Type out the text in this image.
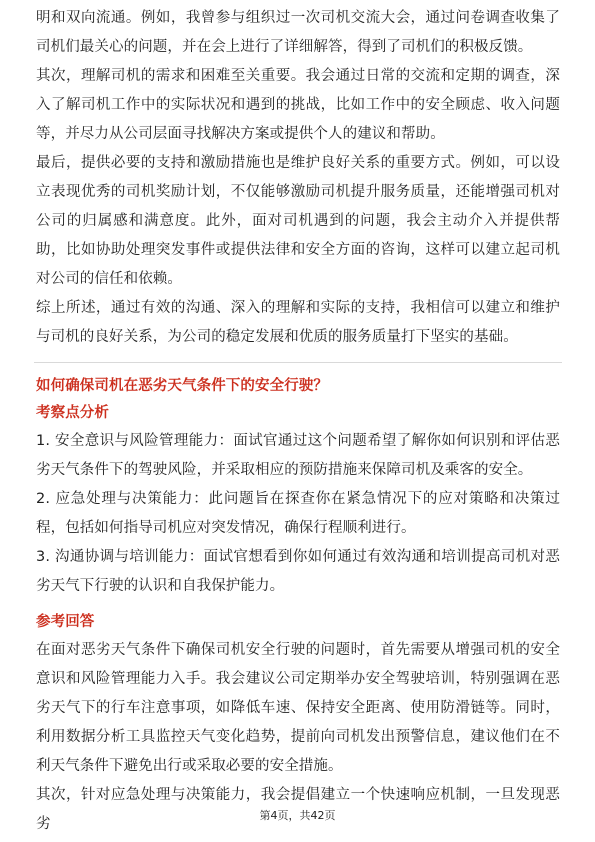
明和双向流通。例如，我曾参与组织过一次司机交流大会，通过问卷调查收集了司机们最关心的问题，并在会上进行了详细解答，得到了司机们的积极反馈。

其次，理解司机的需求和困难至关重要。我会通过日常的交流和定期的调查，深入了解司机工作中的实际状况和遇到的挑战，比如工作中的安全顾虑、收入问题等，并尽力从公司层面寻找解决方案或提供个人的建议和帮助。

最后，提供必要的支持和激励措施也是维护良好关系的重要方式。例如，可以设立表现优秀的司机奖励计划，不仅能够激励司机提升服务质量，还能增强司机对公司的归属感和满意度。此外，面对司机遇到的问题，我会主动介入并提供帮助，比如协助处理突发事件或提供法律和安全方面的咨询，这样可以建立起司机对公司的信任和依赖。

综上所述，通过有效的沟通、深入的理解和实际的支持，我相信可以建立和维护与司机的良好关系，为公司的稳定发展和优质的服务质量打下坚实的基础。

如何确保司机在恶劣天气条件下的安全行驶？

考察点分析

1. 安全意识与风险管理能力：面试官通过这个问题希望了解你如何识别和评估恶劣天气条件下的驾驶风险，并采取相应的预防措施来保障司机及乘客的安全。

2. 应急处理与决策能力：此问题旨在探查你在紧急情况下的应对策略和决策过程，包括如何指导司机应对突发情况，确保行程顺利进行。

3. 沟通协调与培训能力：面试官想看到你如何通过有效沟通和培训提高司机对恶劣天气下行驶的认识和自我保护能力。

参考回答

在面对恶劣天气条件下确保司机安全行驶的问题时，首先需要从增强司机的安全意识和风险管理能力入手。我会建议公司定期举办安全驾驶培训，特别强调在恶劣天气下的行车注意事项，如降低车速、保持安全距离、使用防滑链等。同时，利用数据分析工具监控天气变化趋势，提前向司机发出预警信息，建议他们在不利天气条件下避免出行或采取必要的安全措施。

其次，针对应急处理与决策能力，我会提倡建立一个快速响应机制，一旦发现恶劣

第4页，共42页
